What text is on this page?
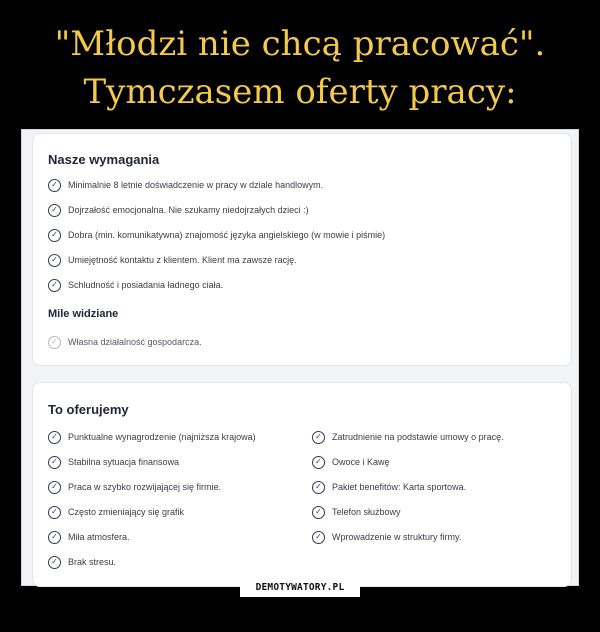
"Młodzi nie chcą pracować".
Tymczasem oferty pracy:
Nasze wymagania
✓	Minimalnie 8 letnie doświadczenie w pracy w dziale handlowym.
✓	Dojrzałość emocjonalna. Nie szukamy niedojrzałych dzieci :)
✓	Dobra (min. komunikatywna) znajomość języka angielskiego (w mowie i piśmie)
✓	Umiejętność kontaktu z klientem. Klient ma zawsze rację.
✓	Schludność i posiadania ładnego ciała.
Mile widziane
✓	Własna działalność gospodarcza.
To oferujemy
✓	Punktualne wynagrodzenie (najniższa krajowa)
✓	Stabilna sytuacja finansowa
✓	Praca w szybko rozwijającej się firmie.
✓	Często zmieniający się grafik
✓	Miła atmosfera.
✓	Brak stresu.
✓	Zatrudnienie na podstawie umowy o pracę.
✓	Owoce i Kawę
✓	Pakiet benefitów: Karta sportowa.
✓	Telefon służbowy
✓	Wprowadzenie w struktury firmy.
DEMOTYWATORY.PL
